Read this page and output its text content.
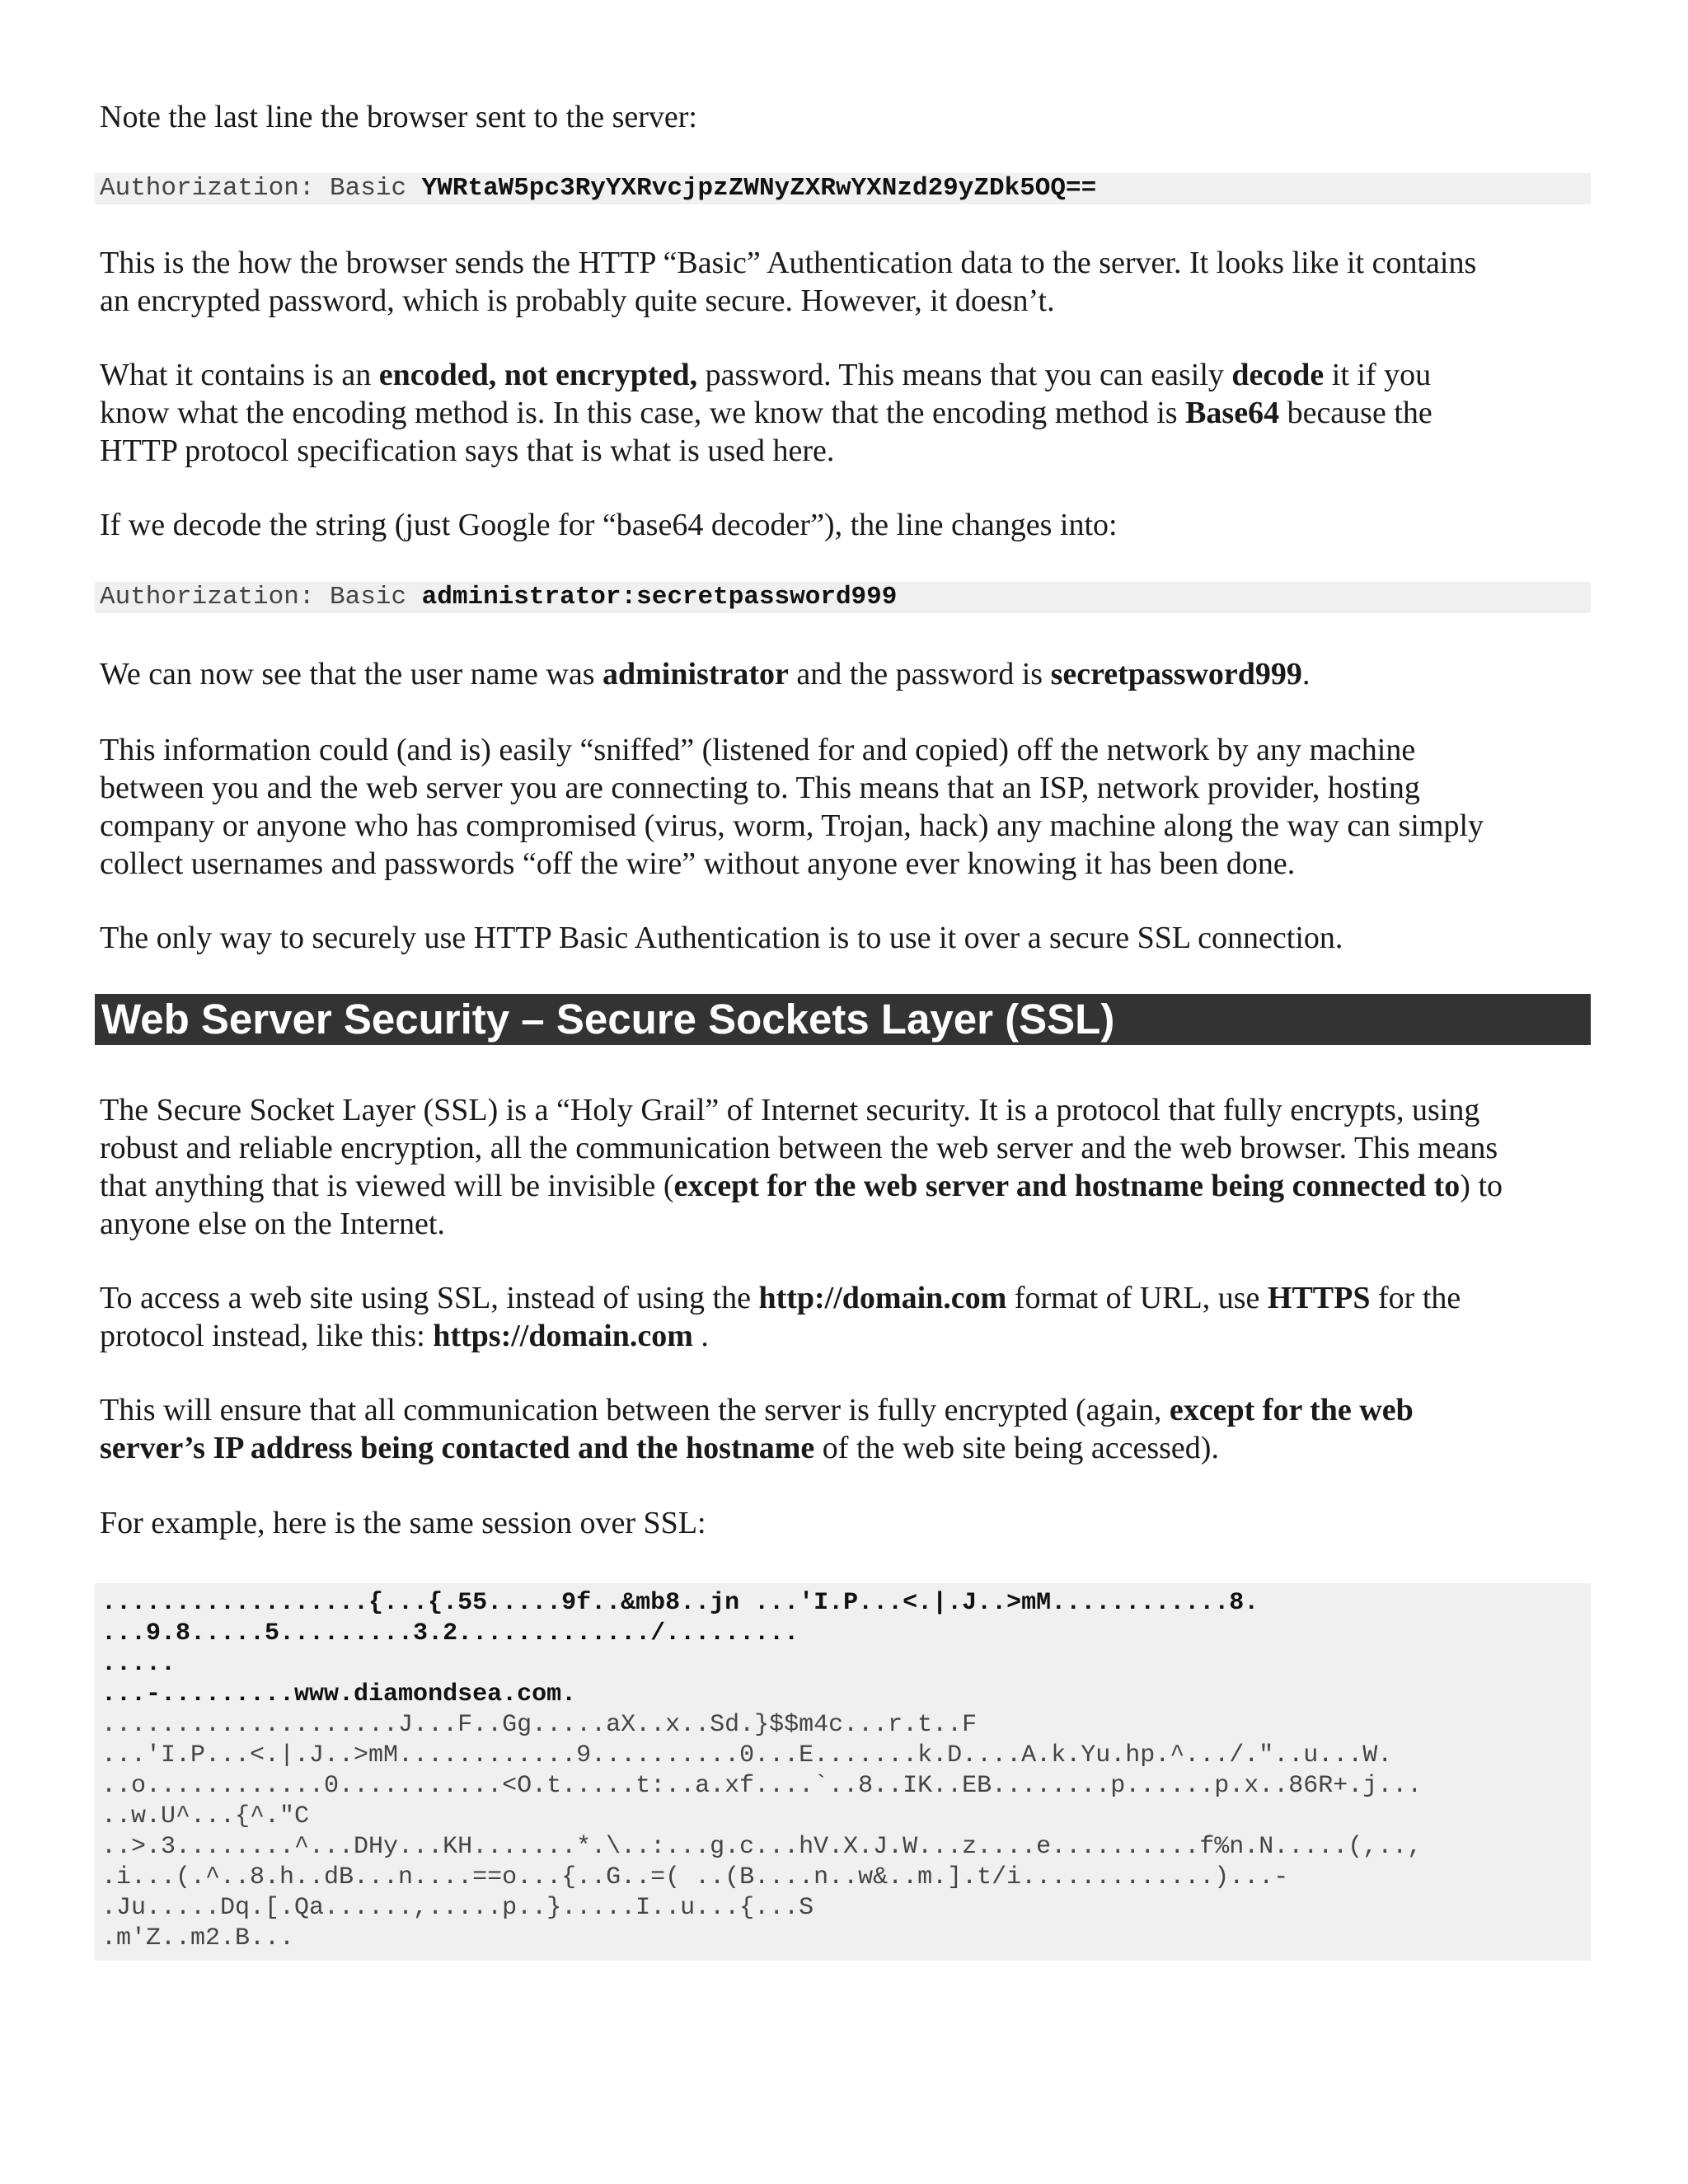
Note the last line the browser sent to the server:

Authorization: Basic YWRtaW5pc3RyYXRvcjpzZWNyZXRwYXNzd29yZDk5OQ==
This is the how the browser sends the HTTP “Basic” Authentication data to the server. It looks like it contains
an encrypted password, which is probably quite secure. However, it doesn’t.
What it contains is an encoded, not encrypted, password. This means that you can easily decode it if you
know what the encoding method is. In this case, we know that the encoding method is Base64 because the
HTTP protocol specification says that is what is used here.

If we decode the string (just Google for “base64 decoder”), the line changes into:

Authorization: Basic administrator:secretpassword999

We can now see that the user name was administrator and the password is secretpassword999.

This information could (and is) easily “sniffed” (listened for and copied) off the network by any machine
between you and the web server you are connecting to. This means that an ISP, network provider, hosting
company or anyone who has compromised (virus, worm, Trojan, hack) any machine along the way can simply
collect usernames and passwords “off the wire” without anyone ever knowing it has been done.

The only way to securely use HTTP Basic Authentication is to use it over a secure SSL connection.

Web Server Security – Secure Sockets Layer (SSL)
The Secure Socket Layer (SSL) is a “Holy Grail” of Internet security. It is a protocol that fully encrypts, using
robust and reliable encryption, all the communication between the web server and the web browser. This means
that anything that is viewed will be invisible (except for the web server and hostname being connected to) to
anyone else on the Internet.
To access a web site using SSL, instead of using the http://domain.com format of URL, use HTTPS for the
protocol instead, like this: https://domain.com .
This will ensure that all communication between the server is fully encrypted (again, except for the web
server’s IP address being contacted and the hostname of the web site being accessed).

For example, here is the same session over SSL:

..................{...{.55.....9f..&mb8..jn ...'I.P...<.|.J..>mM............8.
...9.8.....5.........3.2............./.........
.....
...-.........www.diamondsea.com.
....................J...F..Gg.....aX..x..Sd.}$$m4c...r.t..F
...'I.P...<.|.J..>mM............9..........0...E.......k.D....A.k.Yu.hp.^.../."..u...W.
..o............0...........<O.t.....t:..a.xf....`..8..IK..EB........p......p.x..86R+.j...
..w.U^...{^."C
..>.3........^...DHy...KH.......*.\..:...g.c...hV.X.J.W...z....e..........f%n.N.....(,..,
.i...(.^..8.h..dB...n....==o...{..G..=( ..(B....n..w&..m.].t/i.............)...-
.Ju.....Dq.[.Qa......,.....p..}.....I..u...{...S
.m'Z..m2.B...
